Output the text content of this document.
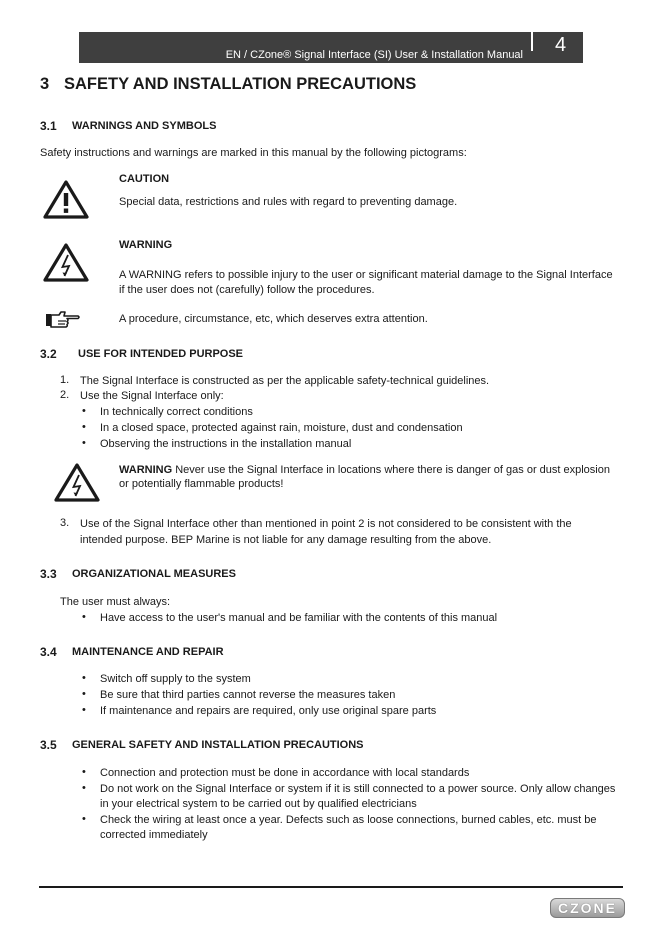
EN / CZone® Signal Interface (SI) User & Installation Manual 4
3 SAFETY AND INSTALLATION PRECAUTIONS
3.1 WARNINGS AND SYMBOLS
Safety instructions and warnings are marked in this manual by the following pictograms:
CAUTION
Special data, restrictions and rules with regard to preventing damage.
WARNING
A WARNING refers to possible injury to the user or significant material damage to the Signal Interface
if the user does not (carefully) follow the procedures.
A procedure, circumstance, etc, which deserves extra attention.
3.2 USE FOR INTENDED PURPOSE
1. The Signal Interface is constructed as per the applicable safety-technical guidelines.
2. Use the Signal Interface only:
• In technically correct conditions
• In a closed space, protected against rain, moisture, dust and condensation
• Observing the instructions in the installation manual
WARNING Never use the Signal Interface in locations where there is danger of gas or dust explosion
or potentially flammable products!
3. Use of the Signal Interface other than mentioned in point 2 is not considered to be consistent with the
intended purpose. BEP Marine is not liable for any damage resulting from the above.
3.3 ORGANIZATIONAL MEASURES
The user must always:
• Have access to the user's manual and be familiar with the contents of this manual
3.4 MAINTENANCE AND REPAIR
• Switch off supply to the system
• Be sure that third parties cannot reverse the measures taken
• If maintenance and repairs are required, only use original spare parts
3.5 GENERAL SAFETY AND INSTALLATION PRECAUTIONS
• Connection and protection must be done in accordance with local standards
• Do not work on the Signal Interface or system if it is still connected to a power source. Only allow changes
in your electrical system to be carried out by qualified electricians
• Check the wiring at least once a year. Defects such as loose connections, burned cables, etc. must be
corrected immediately
CZONE
